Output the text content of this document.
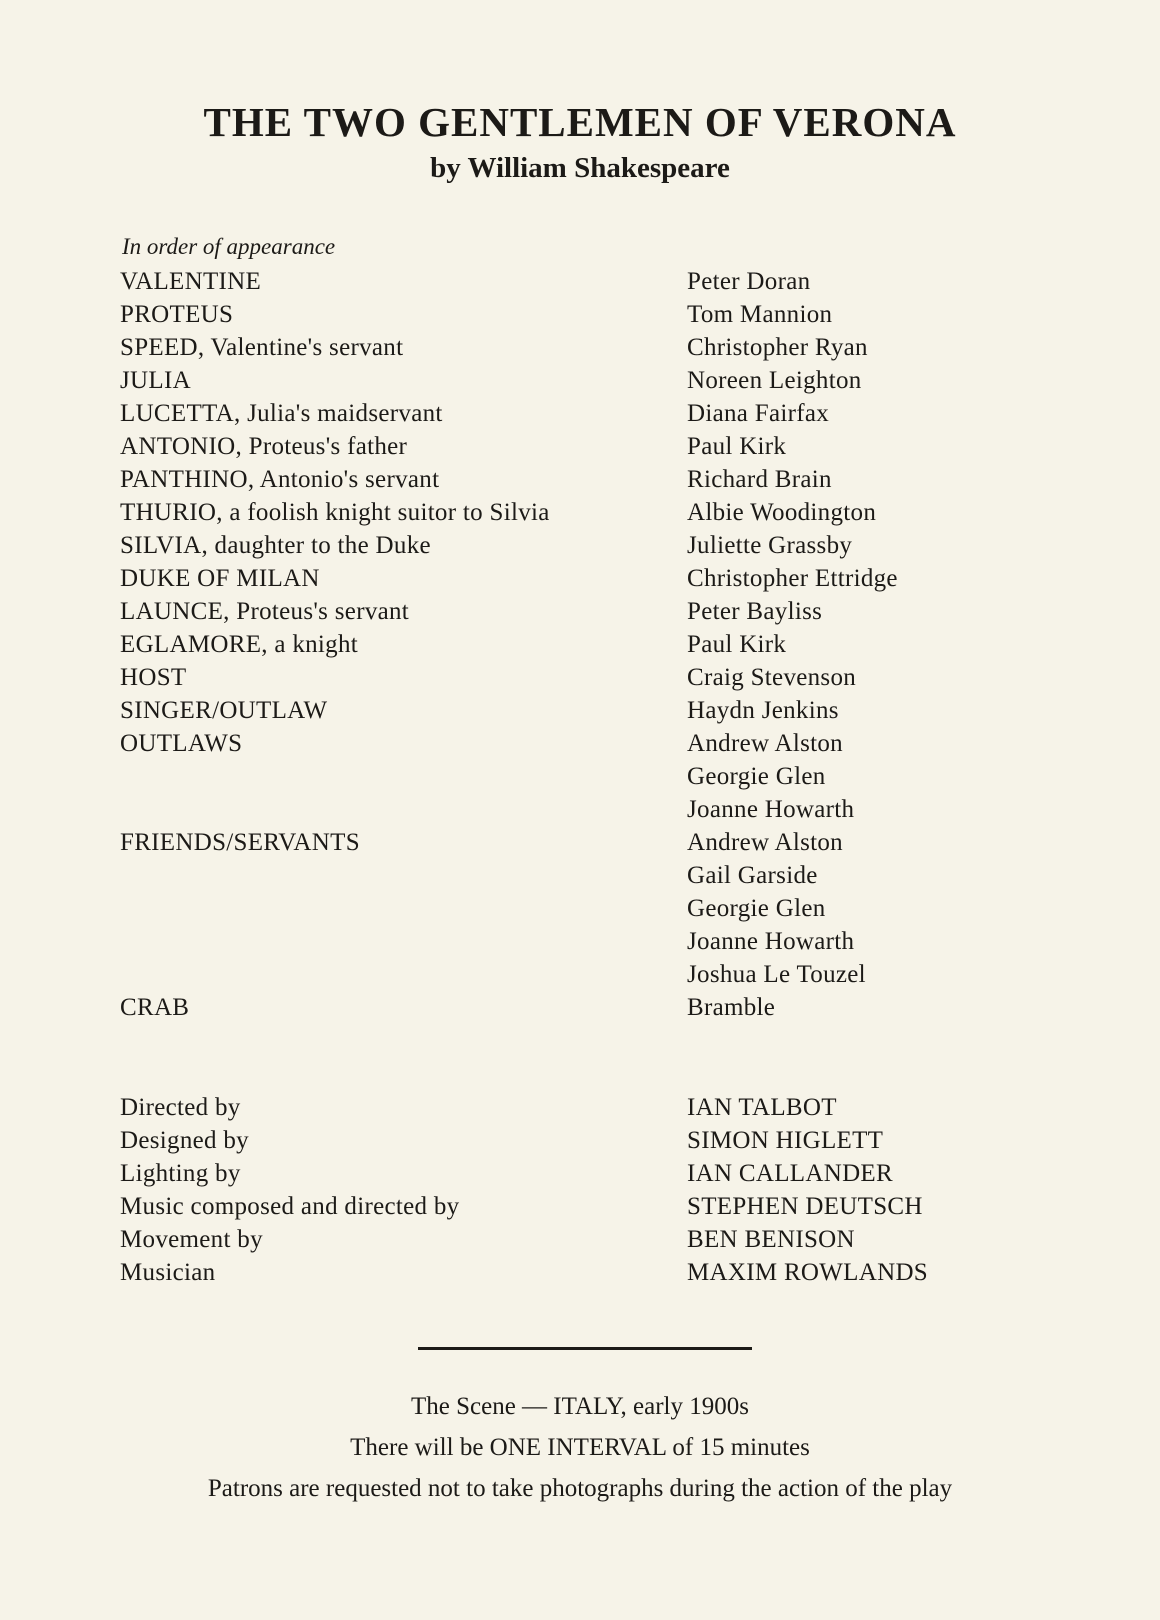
THE TWO GENTLEMEN OF VERONA
by William Shakespeare
In order of appearance
VALENTINE
PROTEUS
SPEED, Valentine's servant
JULIA
LUCETTA, Julia's maidservant
ANTONIO, Proteus's father
PANTHINO, Antonio's servant
THURIO, a foolish knight suitor to Silvia
SILVIA, daughter to the Duke
DUKE OF MILAN
LAUNCE, Proteus's servant
EGLAMORE, a knight
HOST
SINGER/OUTLAW
OUTLAWS
FRIENDS/SERVANTS
CRAB
Peter Doran
Tom Mannion
Christopher Ryan
Noreen Leighton
Diana Fairfax
Paul Kirk
Richard Brain
Albie Woodington
Juliette Grassby
Christopher Ettridge
Peter Bayliss
Paul Kirk
Craig Stevenson
Haydn Jenkins
Andrew Alston
Georgie Glen
Joanne Howarth
Andrew Alston
Gail Garside
Georgie Glen
Joanne Howarth
Joshua Le Touzel
Bramble
Directed by
Designed by
Lighting by
Music composed and directed by
Movement by
Musician
IAN TALBOT
SIMON HIGLETT
IAN CALLANDER
STEPHEN DEUTSCH
BEN BENISON
MAXIM ROWLANDS
The Scene — ITALY, early 1900s
There will be ONE INTERVAL of 15 minutes
Patrons are requested not to take photographs during the action of the play
